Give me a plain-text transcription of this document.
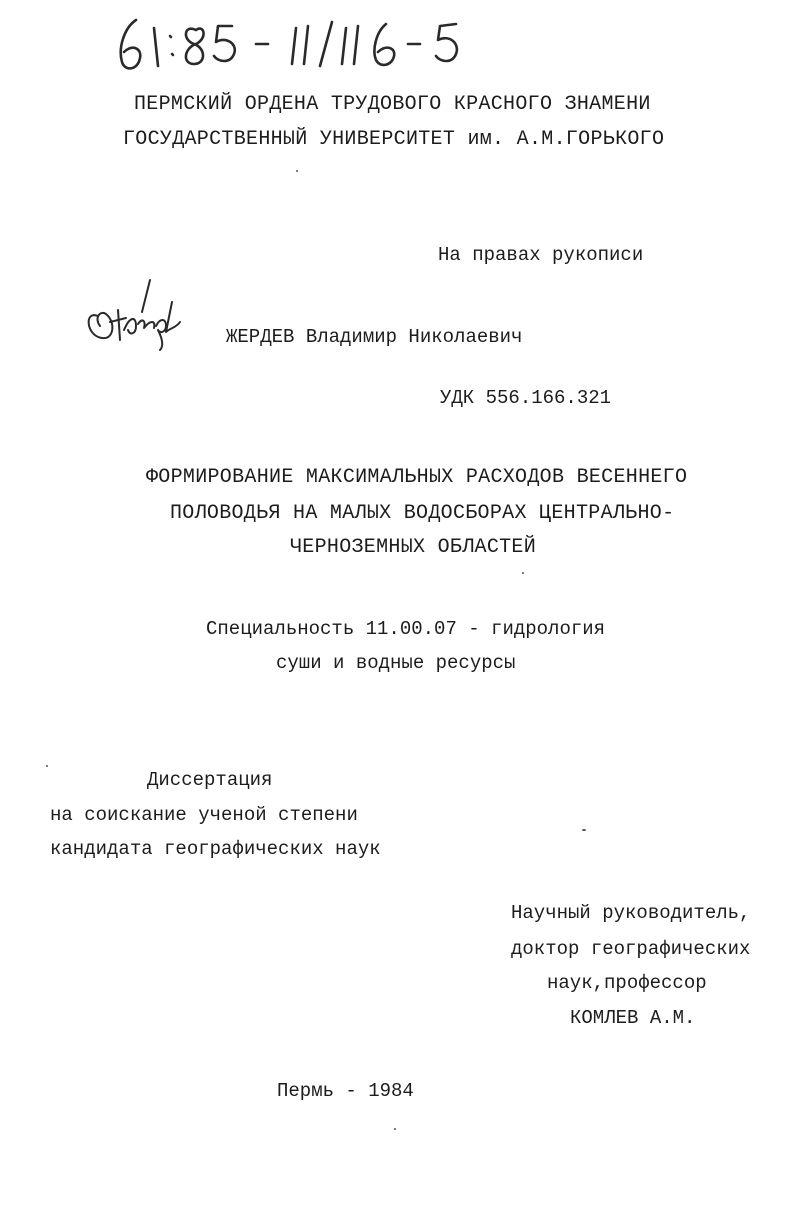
ПЕРМСКИЙ ОРДЕНА ТРУДОВОГО КРАСНОГО ЗНАМЕНИ
ГОСУДАРСТВЕННЫЙ УНИВЕРСИТЕТ им. А.М.ГОРЬКОГО
На правах рукописи
ЖЕРДЕВ Владимир Николаевич
УДК 556.166.321
ФОРМИРОВАНИЕ МАКСИМАЛЬНЫХ РАСХОДОВ ВЕСЕННЕГО
ПОЛОВОДЬЯ НА МАЛЫХ ВОДОСБОРАХ ЦЕНТРАЛЬНО-
ЧЕРНОЗЕМНЫХ ОБЛАСТЕЙ
Специальность 11.00.07 - гидрология
суши и водные ресурсы
Диссертация
на соискание ученой степени
кандидата географических наук
Научный руководитель,
доктор географических
наук,профессор
КОМЛЕВ А.М.
Пермь - 1984
